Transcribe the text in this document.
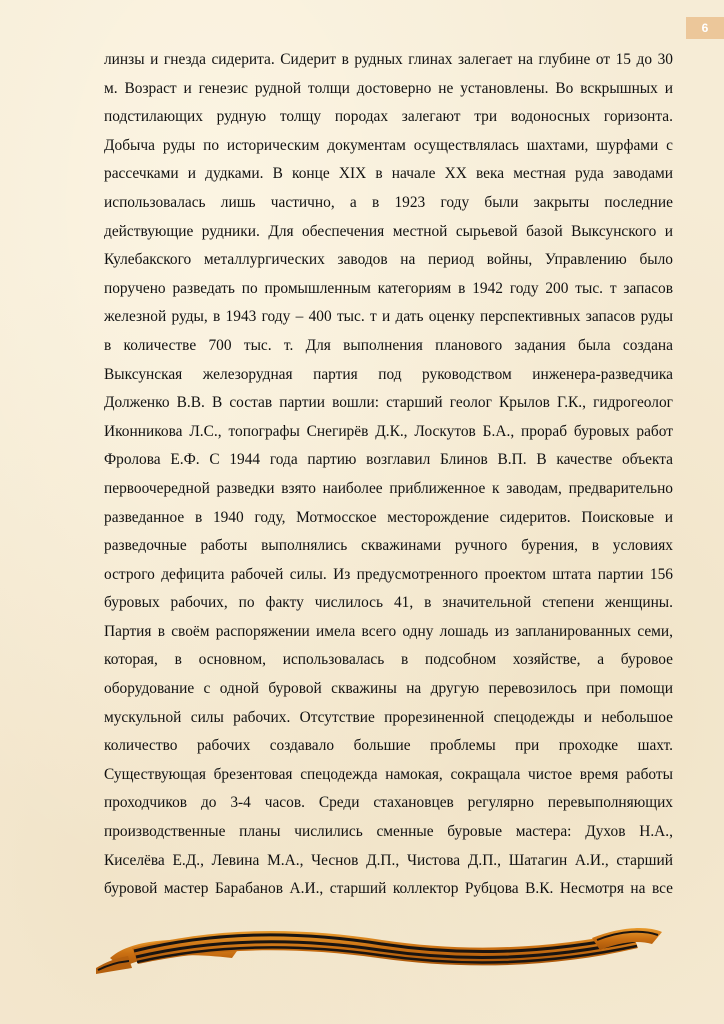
6
линзы и гнезда сидерита. Сидерит в рудных глинах залегает на глубине от 15 до 30
м. Возраст и генезис рудной толщи достоверно не установлены. Во вскрышных и
подстилающих рудную толщу породах залегают три водоносных горизонта.
Добыча руды по историческим документам осуществлялась шахтами, шурфами с
рассечками и дудками. В конце XIX в начале XX века местная руда заводами
использовалась лишь частично, а в 1923 году были закрыты последние
действующие рудники. Для обеспечения местной сырьевой базой Выксунского и
Кулебакского металлургических заводов на период войны, Управлению было
поручено разведать по промышленным категориям в 1942 году 200 тыс. т запасов
железной руды, в 1943 году – 400 тыс. т и дать оценку перспективных запасов руды
в количестве 700 тыс. т. Для выполнения планового задания была создана
Выксунская железорудная партия под руководством инженера-разведчика
Долженко В.В. В состав партии вошли: старший геолог Крылов Г.К., гидрогеолог
Иконникова Л.С., топографы Снегирёв Д.К., Лоскутов Б.А., прораб буровых работ
Фролова Е.Ф. С 1944 года партию возглавил Блинов В.П. В качестве объекта
первоочередной разведки взято наиболее приближенное к заводам, предварительно
разведанное в 1940 году, Мотмосское месторождение сидеритов. Поисковые и
разведочные работы выполнялись скважинами ручного бурения, в условиях
острого дефицита рабочей силы. Из предусмотренного проектом штата партии 156
буровых рабочих, по факту числилось 41, в значительной степени женщины.
Партия в своём распоряжении имела всего одну лошадь из запланированных семи,
которая, в основном, использовалась в подсобном хозяйстве, а буровое
оборудование с одной буровой скважины на другую перевозилось при помощи
мускульной силы рабочих. Отсутствие прорезиненной спецодежды и небольшое
количество рабочих создавало большие проблемы при проходке шахт.
Существующая брезентовая спецодежда намокая, сокращала чистое время работы
проходчиков до 3-4 часов. Среди стахановцев регулярно перевыполняющих
производственные планы числились сменные буровые мастера: Духов Н.А.,
Киселёва Е.Д., Левина М.А., Чеснов Д.П., Чистова Д.П., Шатагин А.И., старший
буровой мастер Барабанов А.И., старший коллектор Рубцова В.К. Несмотря на все
